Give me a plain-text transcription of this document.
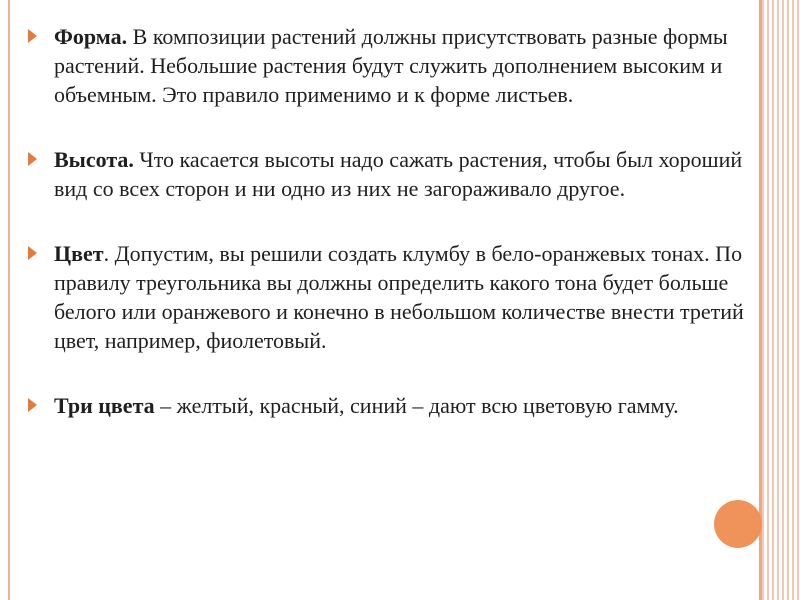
Форма. В композиции растений должны присутствовать разные формы растений. Небольшие растения будут служить дополнением высоким и объемным. Это правило применимо и к форме листьев.

Высота. Что касается высоты надо сажать растения, чтобы был хороший вид со всех сторон и ни одно из них не загораживало другое.

Цвет. Допустим, вы решили создать клумбу в бело-оранжевых тонах. По правилу треугольника вы должны определить какого тона будет больше белого или оранжевого и конечно в небольшом количестве внести третий цвет, например, фиолетовый.

Три цвета – желтый, красный, синий – дают всю цветовую гамму.
